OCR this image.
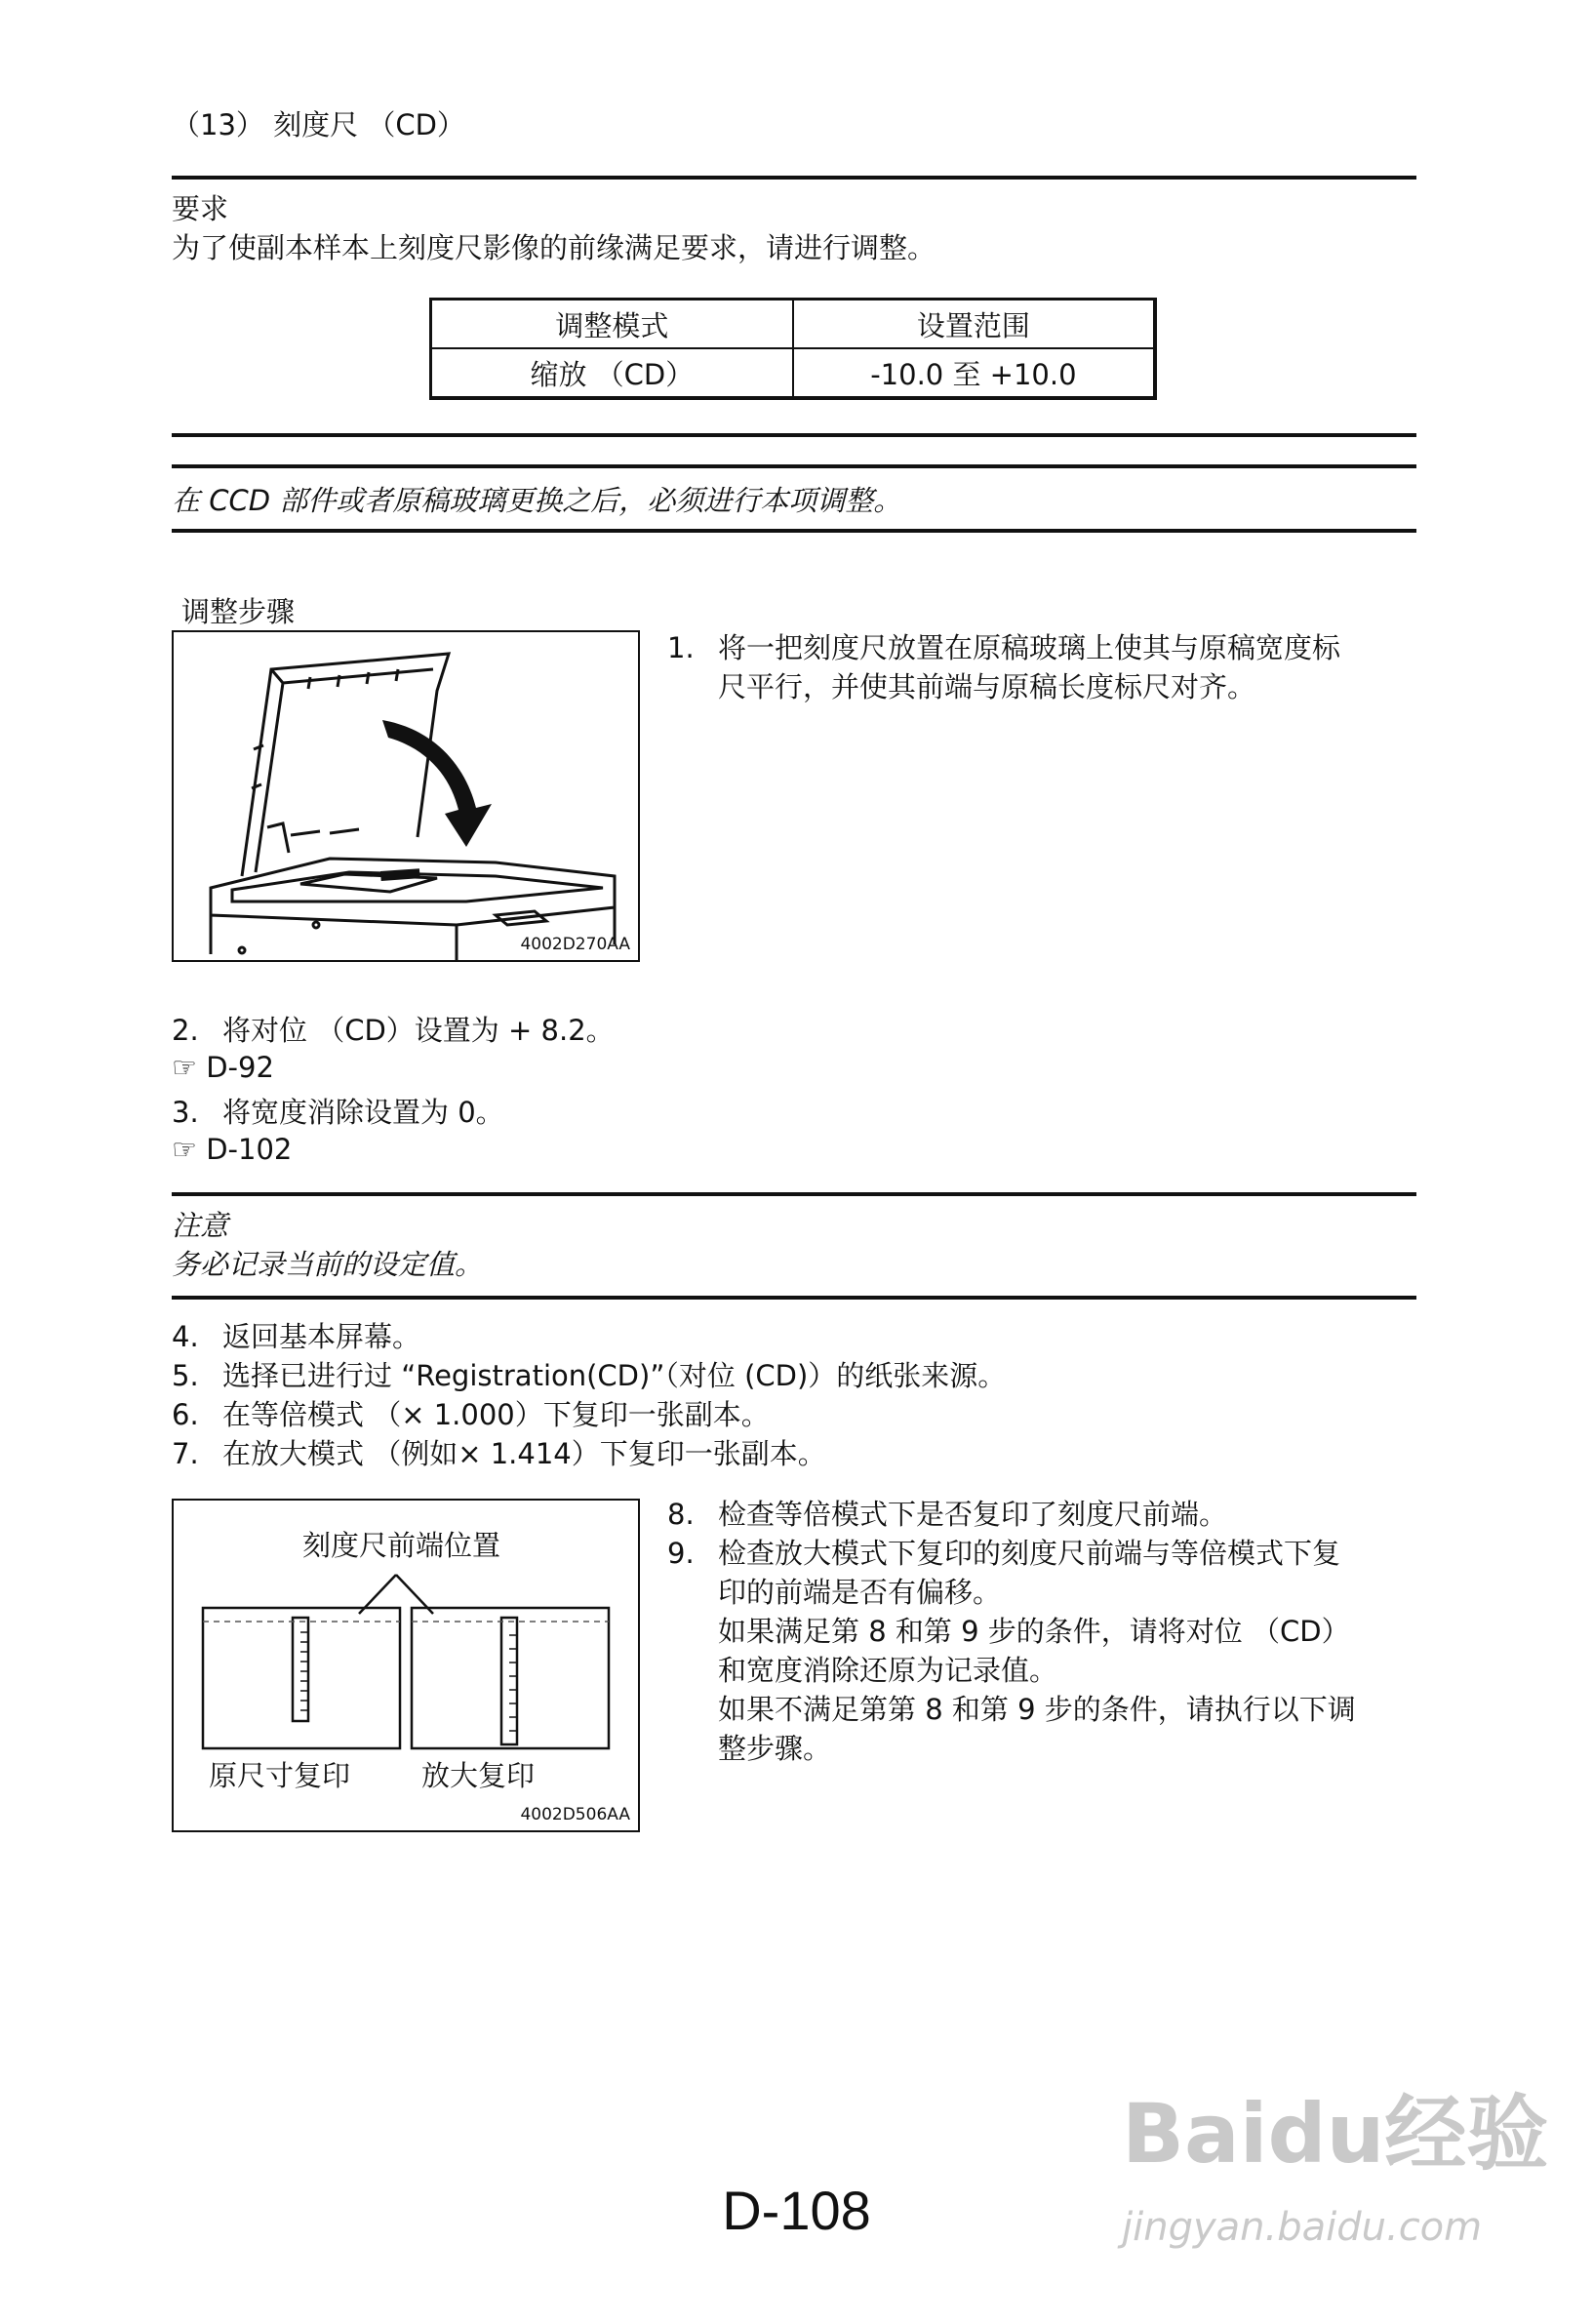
（13） 刻度尺 （CD）
要求
为了使副本样本上刻度尺影像的前缘满足要求，请进行调整。
调整模式	设置范围
缩放 （CD）	-10.0 至 +10.0
在 CCD 部件或者原稿玻璃更换之后，必须进行本项调整。
调整步骤
4002D270AA
1. 将一把刻度尺放置在原稿玻璃上使其与原稿宽度标
尺平行，并使其前端与原稿长度标尺对齐。
2. 将对位 （CD）设置为 + 8.2。
☞ D-92
3. 将宽度消除设置为 0。
☞ D-102
注意
务必记录当前的设定值。
4. 返回基本屏幕。
5. 选择已进行过 “Registration(CD)”（对位 (CD)）的纸张来源。
6. 在等倍模式 （× 1.000）下复印一张副本。
7. 在放大模式 （例如× 1.414）下复印一张副本。
刻度尺前端位置
原尺寸复印	放大复印
4002D506AA
8. 检查等倍模式下是否复印了刻度尺前端。
9. 检查放大模式下复印的刻度尺前端与等倍模式下复
印的前端是否有偏移。
如果满足第 8 和第 9 步的条件，请将对位 （CD）
和宽度消除还原为记录值。
如果不满足第第 8 和第 9 步的条件，请执行以下调
整步骤。
Baidu经验
jingyan.baidu.com
D-108
